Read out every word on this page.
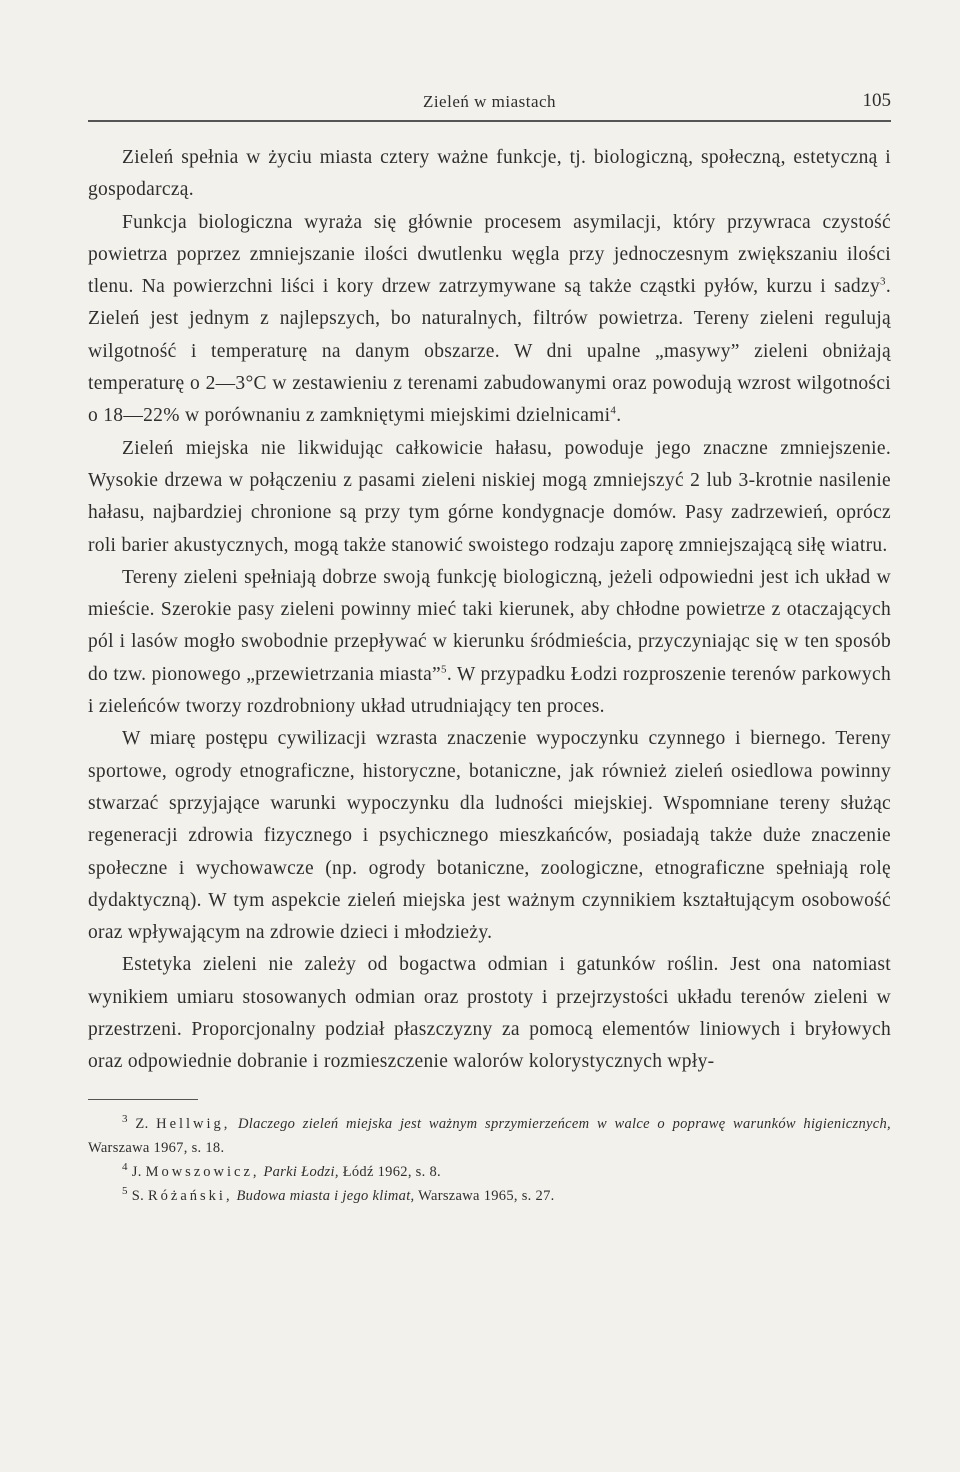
Zieleń w miastach	105

Zieleń spełnia w życiu miasta cztery ważne funkcje, tj. biologiczną, społeczną, estetyczną i gospodarczą.

Funkcja biologiczna wyraża się głównie procesem asymilacji, który przywraca czystość powietrza poprzez zmniejszanie ilości dwutlenku węgla przy jednoczesnym zwiększaniu ilości tlenu. Na powierzchni liści i kory drzew zatrzymywane są także cząstki pyłów, kurzu i sadzy$^3$. Zieleń jest jednym z najlepszych, bo naturalnych, filtrów powietrza. Tereny zieleni regulują wilgotność i temperaturę na danym obszarze. W dni upalne „masywy” zieleni obniżają temperaturę o 2—3°C w zestawieniu z terenami zabudowanymi oraz powodują wzrost wilgotności o 18—22% w porównaniu z zamkniętymi miejskimi dzielnicami$^4$.

Zieleń miejska nie likwidując całkowicie hałasu, powoduje jego znaczne zmniejszenie. Wysokie drzewa w połączeniu z pasami zieleni niskiej mogą zmniejszyć 2 lub 3-krotnie nasilenie hałasu, najbardziej chronione są przy tym górne kondygnacje domów. Pasy zadrzewień, oprócz roli barier akustycznych, mogą także stanowić swoistego rodzaju zaporę zmniejszającą siłę wiatru.

Tereny zieleni spełniają dobrze swoją funkcję biologiczną, jeżeli odpowiedni jest ich układ w mieście. Szerokie pasy zieleni powinny mieć taki kierunek, aby chłodne powietrze z otaczających pól i lasów mogło swobodnie przepływać w kierunku śródmieścia, przyczyniając się w ten sposób do tzw. pionowego „przewietrzania miasta”$^5$. W przypadku Łodzi rozproszenie terenów parkowych i zieleńców tworzy rozdrobniony układ utrudniający ten proces.

W miarę postępu cywilizacji wzrasta znaczenie wypoczynku czynnego i biernego. Tereny sportowe, ogrody etnograficzne, historyczne, botaniczne, jak również zieleń osiedlowa powinny stwarzać sprzyjające warunki wypoczynku dla ludności miejskiej. Wspomniane tereny służąc regeneracji zdrowia fizycznego i psychicznego mieszkańców, posiadają także duże znaczenie społeczne i wychowawcze (np. ogrody botaniczne, zoologiczne, etnograficzne spełniają rolę dydaktyczną). W tym aspekcie zieleń miejska jest ważnym czynnikiem kształtującym osobowość oraz wpływającym na zdrowie dzieci i młodzieży.

Estetyka zieleni nie zależy od bogactwa odmian i gatunków roślin. Jest ona natomiast wynikiem umiaru stosowanych odmian oraz prostoty i przejrzystości układu terenów zieleni w przestrzeni. Proporcjonalny podział płaszczyzny za pomocą elementów liniowych i bryłowych oraz odpowiednie dobranie i rozmieszczenie walorów kolorystycznych wpły-

$^3$ Z. Hellwig, Dlaczego zieleń miejska jest ważnym sprzymierzeńcem w walce o poprawę warunków higienicznych, Warszawa 1967, s. 18.

$^4$ J. Mowszowicz, Parki Łodzi, Łódź 1962, s. 8.

$^5$ S. Różański, Budowa miasta i jego klimat, Warszawa 1965, s. 27.
